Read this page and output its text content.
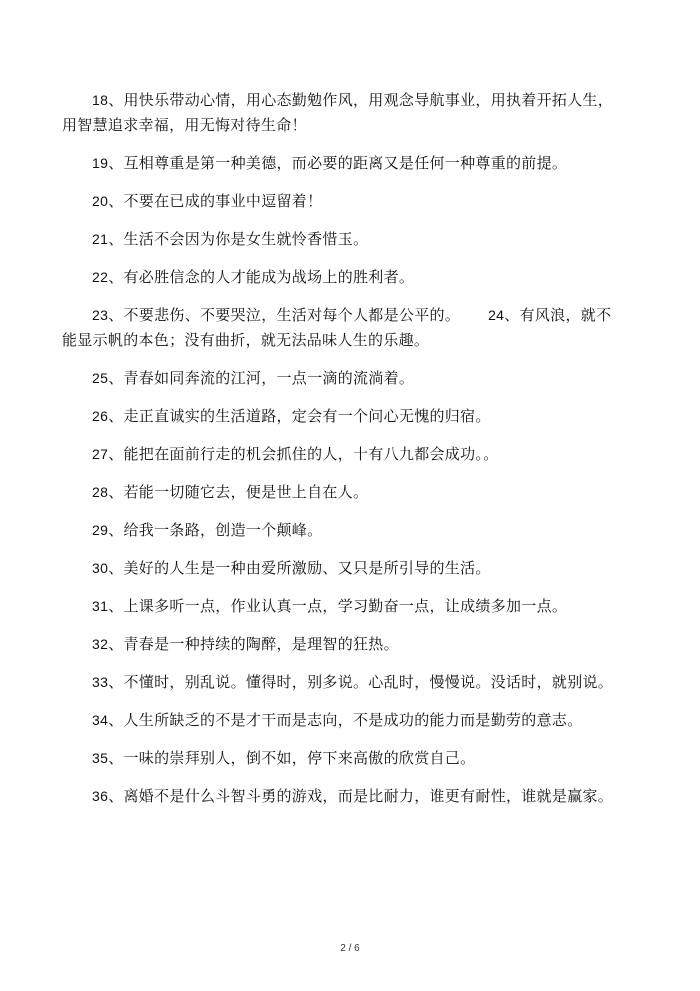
18、用快乐带动心情，用心态勤勉作风，用观念导航事业，用执着开拓人生，用智慧追求幸福，用无悔对待生命！

19、互相尊重是第一种美德，而必要的距离又是任何一种尊重的前提。

20、不要在已成的事业中逗留着！

21、生活不会因为你是女生就怜香惜玉。

22、有必胜信念的人才能成为战场上的胜利者。

23、不要悲伤、不要哭泣，生活对每个人都是公平的。 24、有风浪，就不能显示帆的本色；没有曲折，就无法品味人生的乐趣。

25、青春如同奔流的江河，一点一滴的流淌着。

26、走正直诚实的生活道路，定会有一个问心无愧的归宿。

27、能把在面前行走的机会抓住的人，十有八九都会成功。。

28、若能一切随它去，便是世上自在人。

29、给我一条路，创造一个颠峰。

30、美好的人生是一种由爱所激励、又只是所引导的生活。

31、上课多听一点，作业认真一点，学习勤奋一点，让成绩多加一点。

32、青春是一种持续的陶醉，是理智的狂热。

33、不懂时，别乱说。懂得时，别多说。心乱时，慢慢说。没话时，就别说。

34、人生所缺乏的不是才干而是志向，不是成功的能力而是勤劳的意志。

35、一味的崇拜别人，倒不如，停下来高傲的欣赏自己。

36、离婚不是什么斗智斗勇的游戏，而是比耐力，谁更有耐性，谁就是赢家。

2 / 6
